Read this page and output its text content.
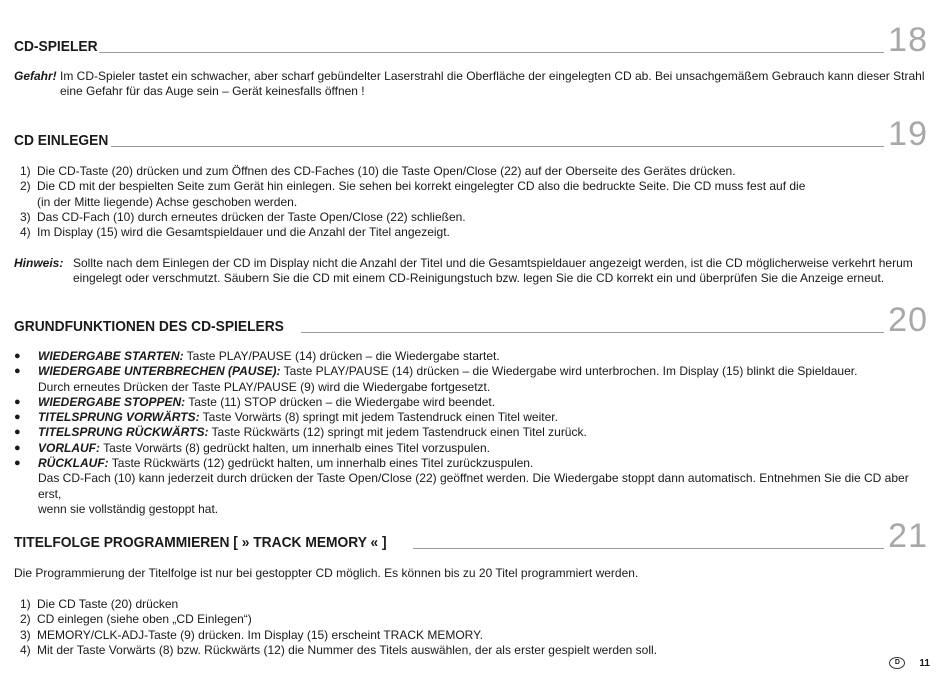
CD-SPIELER	18
Gefahr! Im CD-Spieler tastet ein schwacher, aber scharf gebündelter Laserstrahl die Oberfläche der eingelegten CD ab. Bei unsachgemäßem Gebrauch kann dieser Strahl
eine Gefahr für das Auge sein – Gerät keinesfalls öffnen !
CD EINLEGEN	19
1) Die CD-Taste (20) drücken und zum Öffnen des CD-Faches (10) die Taste Open/Close (22) auf der Oberseite des Gerätes drücken.
2) Die CD mit der bespielten Seite zum Gerät hin einlegen. Sie sehen bei korrekt eingelegter CD also die bedruckte Seite. Die CD muss fest auf die
(in der Mitte liegende) Achse geschoben werden.
3) Das CD-Fach (10) durch erneutes drücken der Taste Open/Close (22) schließen.
4) Im Display (15) wird die Gesamtspieldauer und die Anzahl der Titel angezeigt.
Hinweis: Sollte nach dem Einlegen der CD im Display nicht die Anzahl der Titel und die Gesamtspieldauer angezeigt werden, ist die CD möglicherweise verkehrt herum
eingelegt oder verschmutzt. Säubern Sie die CD mit einem CD-Reinigungstuch bzw. legen Sie die CD korrekt ein und überprüfen Sie die Anzeige erneut.
GRUNDFUNKTIONEN DES CD-SPIELERS	20
●	WIEDERGABE STARTEN: Taste PLAY/PAUSE (14) drücken – die Wiedergabe startet.
●	WIEDERGABE UNTERBRECHEN (PAUSE): Taste PLAY/PAUSE (14) drücken – die Wiedergabe wird unterbrochen. Im Display (15) blinkt die Spieldauer.
Durch erneutes Drücken der Taste PLAY/PAUSE (9) wird die Wiedergabe fortgesetzt.
●	WIEDERGABE STOPPEN: Taste (11) STOP drücken – die Wiedergabe wird beendet.
●	TITELSPRUNG VORWÄRTS: Taste Vorwärts (8) springt mit jedem Tastendruck einen Titel weiter.
●	TITELSPRUNG RÜCKWÄRTS: Taste Rückwärts (12) springt mit jedem Tastendruck einen Titel zurück.
●	VORLAUF: Taste Vorwärts (8) gedrückt halten, um innerhalb eines Titel vorzuspulen.
●	RÜCKLAUF: Taste Rückwärts (12) gedrückt halten, um innerhalb eines Titel zurückzuspulen.
Das CD-Fach (10) kann jederzeit durch drücken der Taste Open/Close (22) geöffnet werden. Die Wiedergabe stoppt dann automatisch. Entnehmen Sie die CD aber erst,
wenn sie vollständig gestoppt hat.
TITELFOLGE PROGRAMMIEREN [ » TRACK MEMORY « ]	21
Die Programmierung der Titelfolge ist nur bei gestoppter CD möglich. Es können bis zu 20 Titel programmiert werden.
1) Die CD Taste (20) drücken
2) CD einlegen (siehe oben „CD Einlegen“)
3) MEMORY/CLK-ADJ-Taste (9) drücken. Im Display (15) erscheint TRACK MEMORY.
4) Mit der Taste Vorwärts (8) bzw. Rückwärts (12) die Nummer des Titels auswählen, der als erster gespielt werden soll.
D	11
